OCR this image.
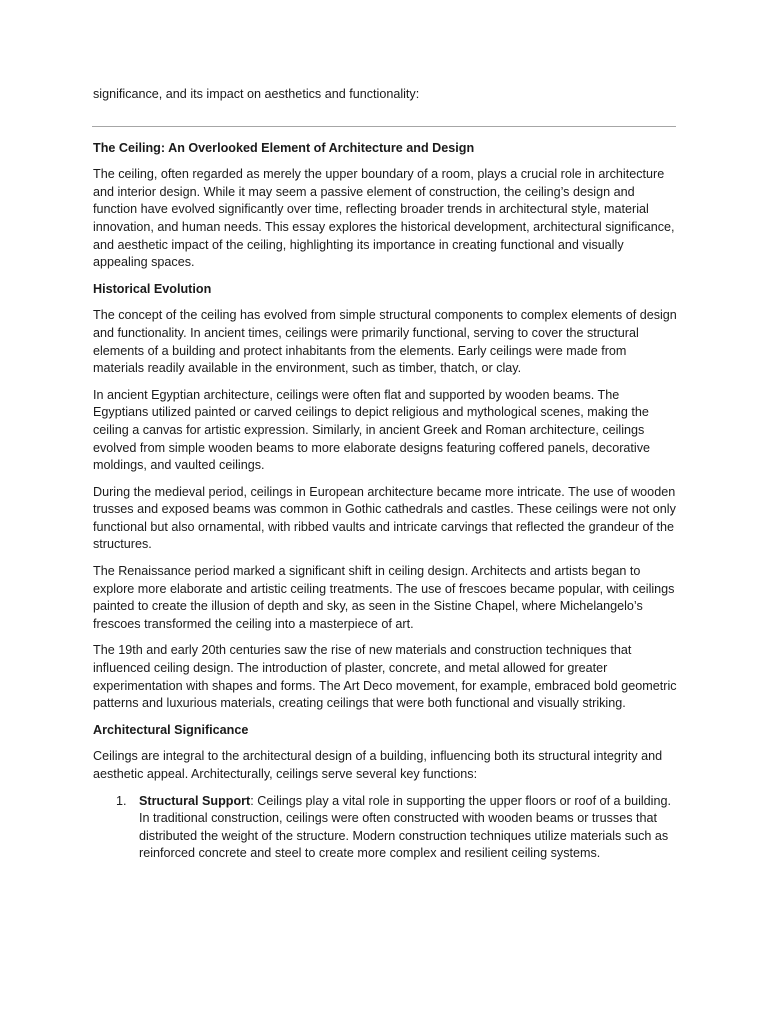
significance, and its impact on aesthetics and functionality:

The Ceiling: An Overlooked Element of Architecture and Design

The ceiling, often regarded as merely the upper boundary of a room, plays a crucial role in architecture and interior design. While it may seem a passive element of construction, the ceiling’s design and function have evolved significantly over time, reflecting broader trends in architectural style, material innovation, and human needs. This essay explores the historical development, architectural significance, and aesthetic impact of the ceiling, highlighting its importance in creating functional and visually appealing spaces.

Historical Evolution

The concept of the ceiling has evolved from simple structural components to complex elements of design and functionality. In ancient times, ceilings were primarily functional, serving to cover the structural elements of a building and protect inhabitants from the elements. Early ceilings were made from materials readily available in the environment, such as timber, thatch, or clay.

In ancient Egyptian architecture, ceilings were often flat and supported by wooden beams. The Egyptians utilized painted or carved ceilings to depict religious and mythological scenes, making the ceiling a canvas for artistic expression. Similarly, in ancient Greek and Roman architecture, ceilings evolved from simple wooden beams to more elaborate designs featuring coffered panels, decorative moldings, and vaulted ceilings.

During the medieval period, ceilings in European architecture became more intricate. The use of wooden trusses and exposed beams was common in Gothic cathedrals and castles. These ceilings were not only functional but also ornamental, with ribbed vaults and intricate carvings that reflected the grandeur of the structures.

The Renaissance period marked a significant shift in ceiling design. Architects and artists began to explore more elaborate and artistic ceiling treatments. The use of frescoes became popular, with ceilings painted to create the illusion of depth and sky, as seen in the Sistine Chapel, where Michelangelo’s frescoes transformed the ceiling into a masterpiece of art.

The 19th and early 20th centuries saw the rise of new materials and construction techniques that influenced ceiling design. The introduction of plaster, concrete, and metal allowed for greater experimentation with shapes and forms. The Art Deco movement, for example, embraced bold geometric patterns and luxurious materials, creating ceilings that were both functional and visually striking.

Architectural Significance

Ceilings are integral to the architectural design of a building, influencing both its structural integrity and aesthetic appeal. Architecturally, ceilings serve several key functions:

1. Structural Support: Ceilings play a vital role in supporting the upper floors or roof of a building. In traditional construction, ceilings were often constructed with wooden beams or trusses that distributed the weight of the structure. Modern construction techniques utilize materials such as reinforced concrete and steel to create more complex and resilient ceiling systems.
